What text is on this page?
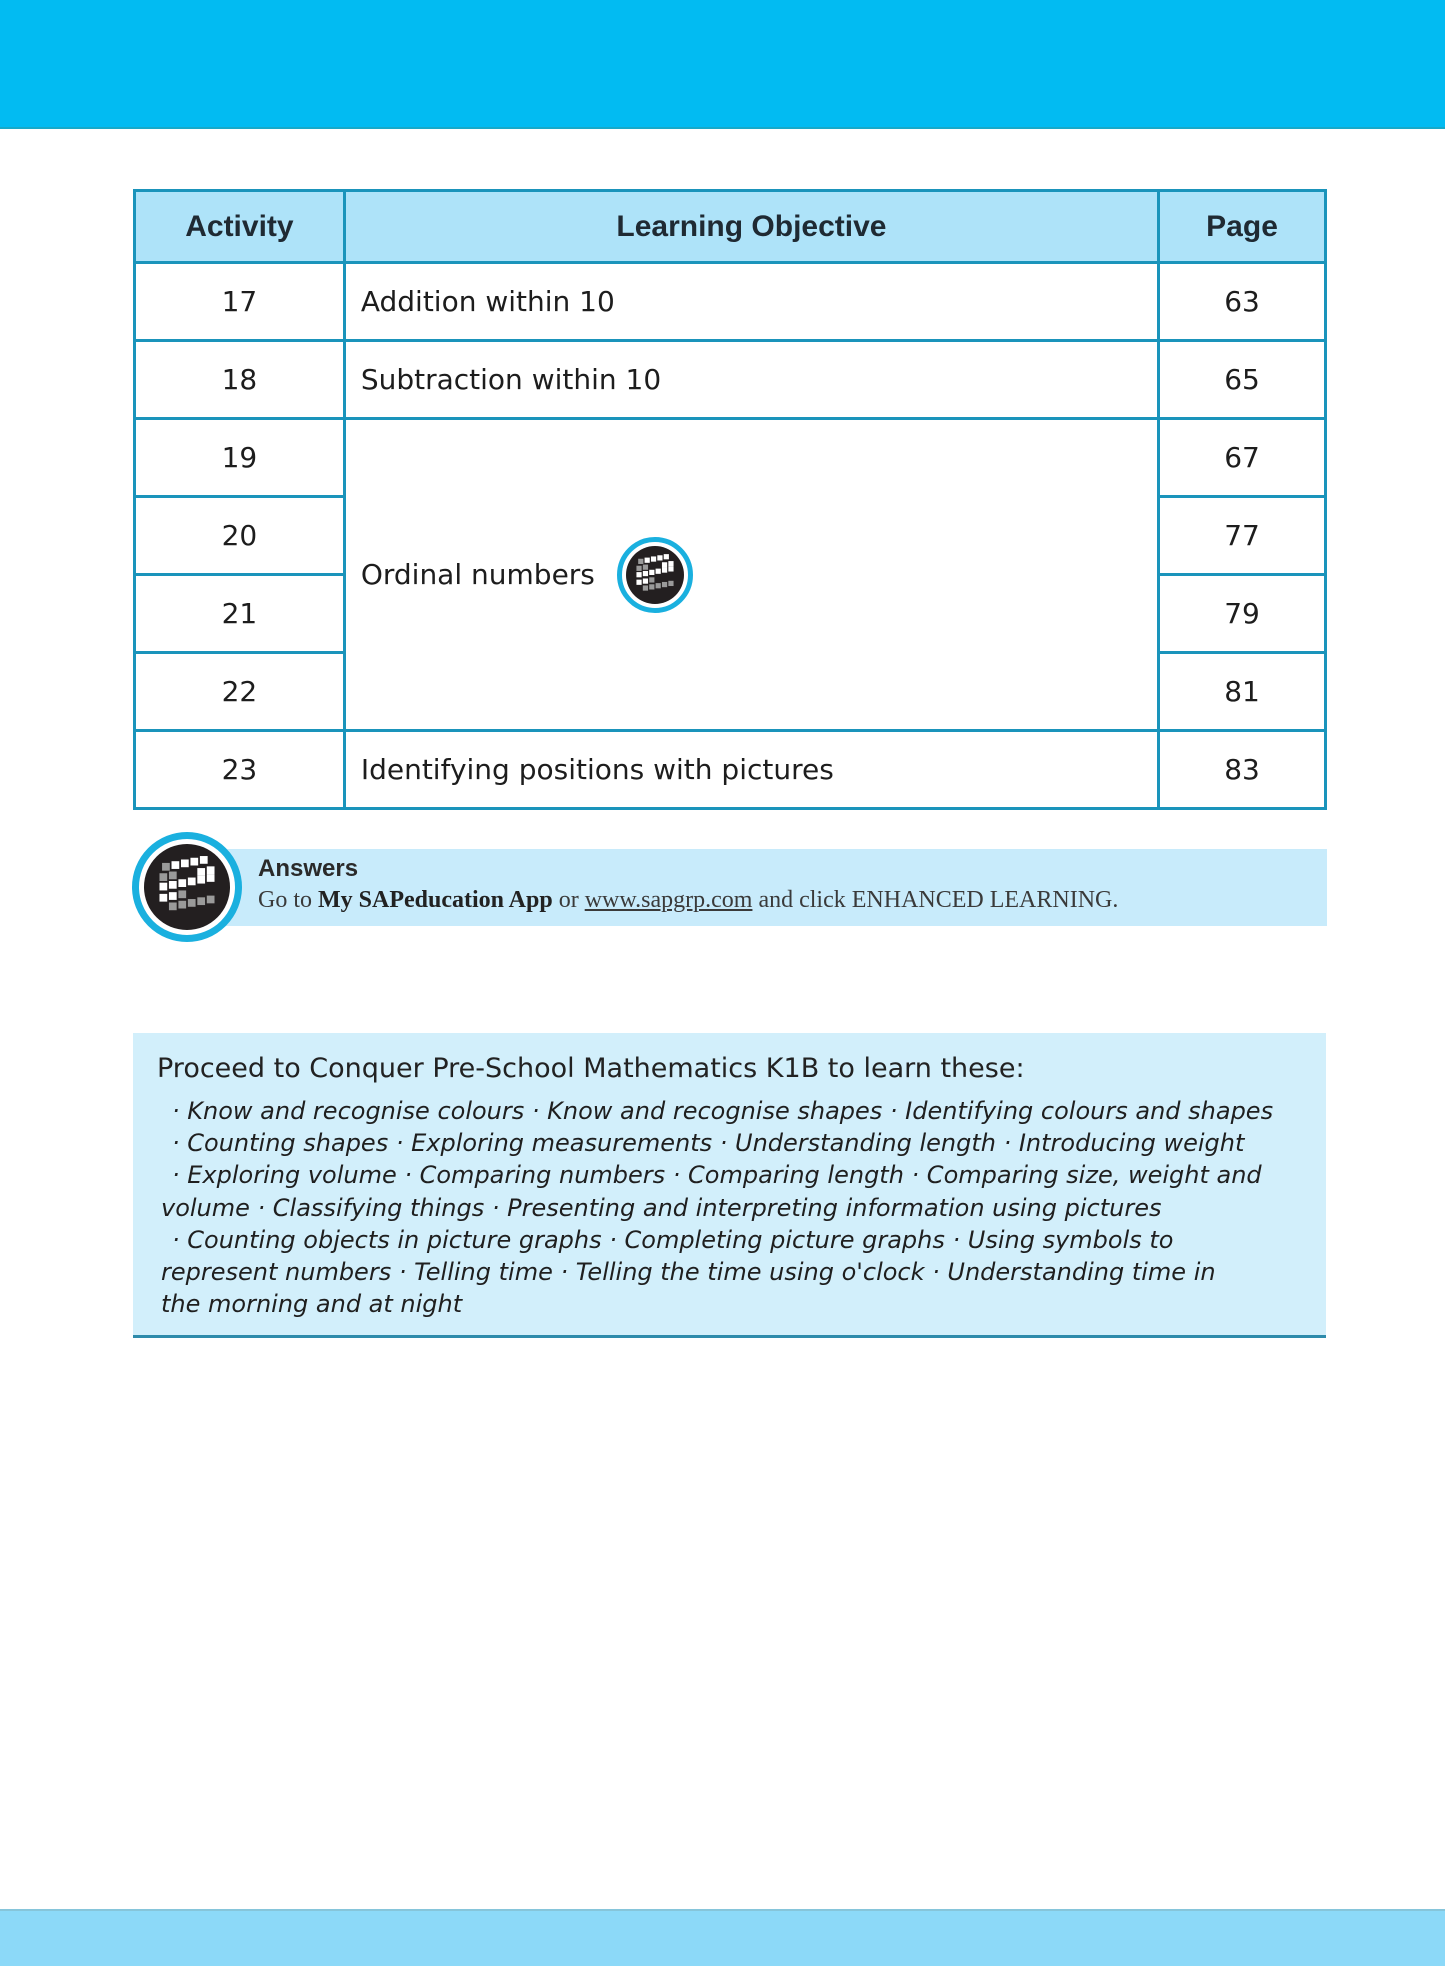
Activity	Learning Objective	Page
17	Addition within 10	63
18	Subtraction within 10	65
19	Ordinal numbers	67
20		77
21		79
22		81
23	Identifying positions with pictures	83
Answers
Go to My SAPeducation App or www.sapgrp.com and click ENHANCED LEARNING.
Proceed to Conquer Pre-School Mathematics K1B to learn these:
· Know and recognise colours · Know and recognise shapes · Identifying colours and shapes
· Counting shapes · Exploring measurements · Understanding length · Introducing weight
· Exploring volume · Comparing numbers · Comparing length · Comparing size, weight and
volume · Classifying things · Presenting and interpreting information using pictures
· Counting objects in picture graphs · Completing picture graphs · Using symbols to
represent numbers · Telling time · Telling the time using o'clock · Understanding time in
the morning and at night
